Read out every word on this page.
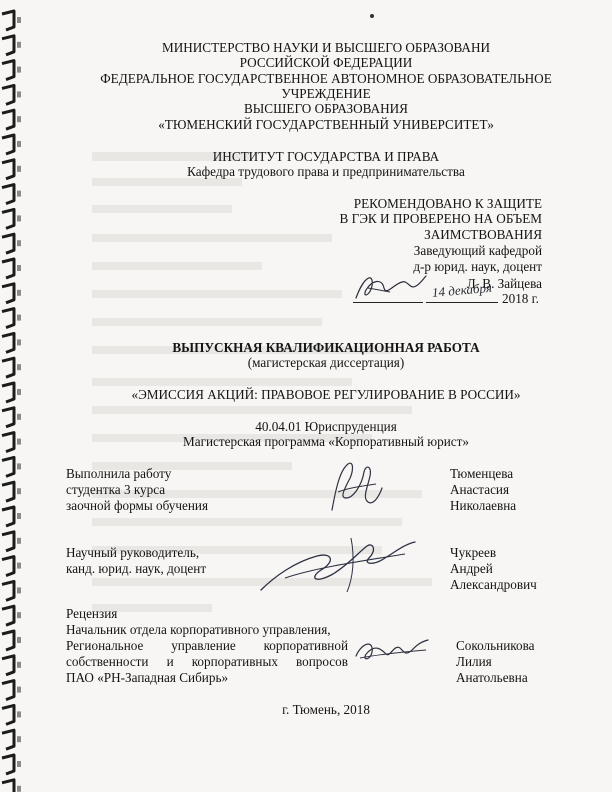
МИНИСТЕРСТВО НАУКИ И ВЫСШЕГО ОБРАЗОВАНИ
РОССИЙСКОЙ ФЕДЕРАЦИИ
ФЕДЕРАЛЬНОЕ ГОСУДАРСТВЕННОЕ АВТОНОМНОЕ ОБРАЗОВАТЕЛЬНОЕ
УЧРЕЖДЕНИЕ
ВЫСШЕГО ОБРАЗОВАНИЯ
«ТЮМЕНСКИЙ ГОСУДАРСТВЕННЫЙ УНИВЕРСИТЕТ»
ИНСТИТУТ ГОСУДАРСТВА И ПРАВА
Кафедра трудового права и предпринимательства
РЕКОМЕНДОВАНО К ЗАЩИТЕ
В ГЭК И ПРОВЕРЕНО НА ОБЪЕМ
ЗАИМСТВОВАНИЯ
Заведующий кафедрой
д-р юрид. наук, доцент
Л. В. Зайцева
2018 г.
14 декабря
ВЫПУСКНАЯ КВАЛИФИКАЦИОННАЯ РАБОТА
(магистерская диссертация)
«ЭМИССИЯ АКЦИЙ: ПРАВОВОЕ РЕГУЛИРОВАНИЕ В РОССИИ»
40.04.01 Юриспруденция
Магистерская программа «Корпоративный юрист»
Выполнила работу
студентка 3 курса
заочной формы обучения
Тюменцева
Анастасия
Николаевна
Научный руководитель,
канд. юрид. наук, доцент
Чукреев
Андрей
Александрович
Рецензия
Начальник отдела корпоративного управления,
Региональное управление корпоративной
собственности и корпоративных вопросов
ПАО «РН-Западная Сибирь»
Сокольникова
Лилия
Анатольевна
г. Тюмень, 2018
